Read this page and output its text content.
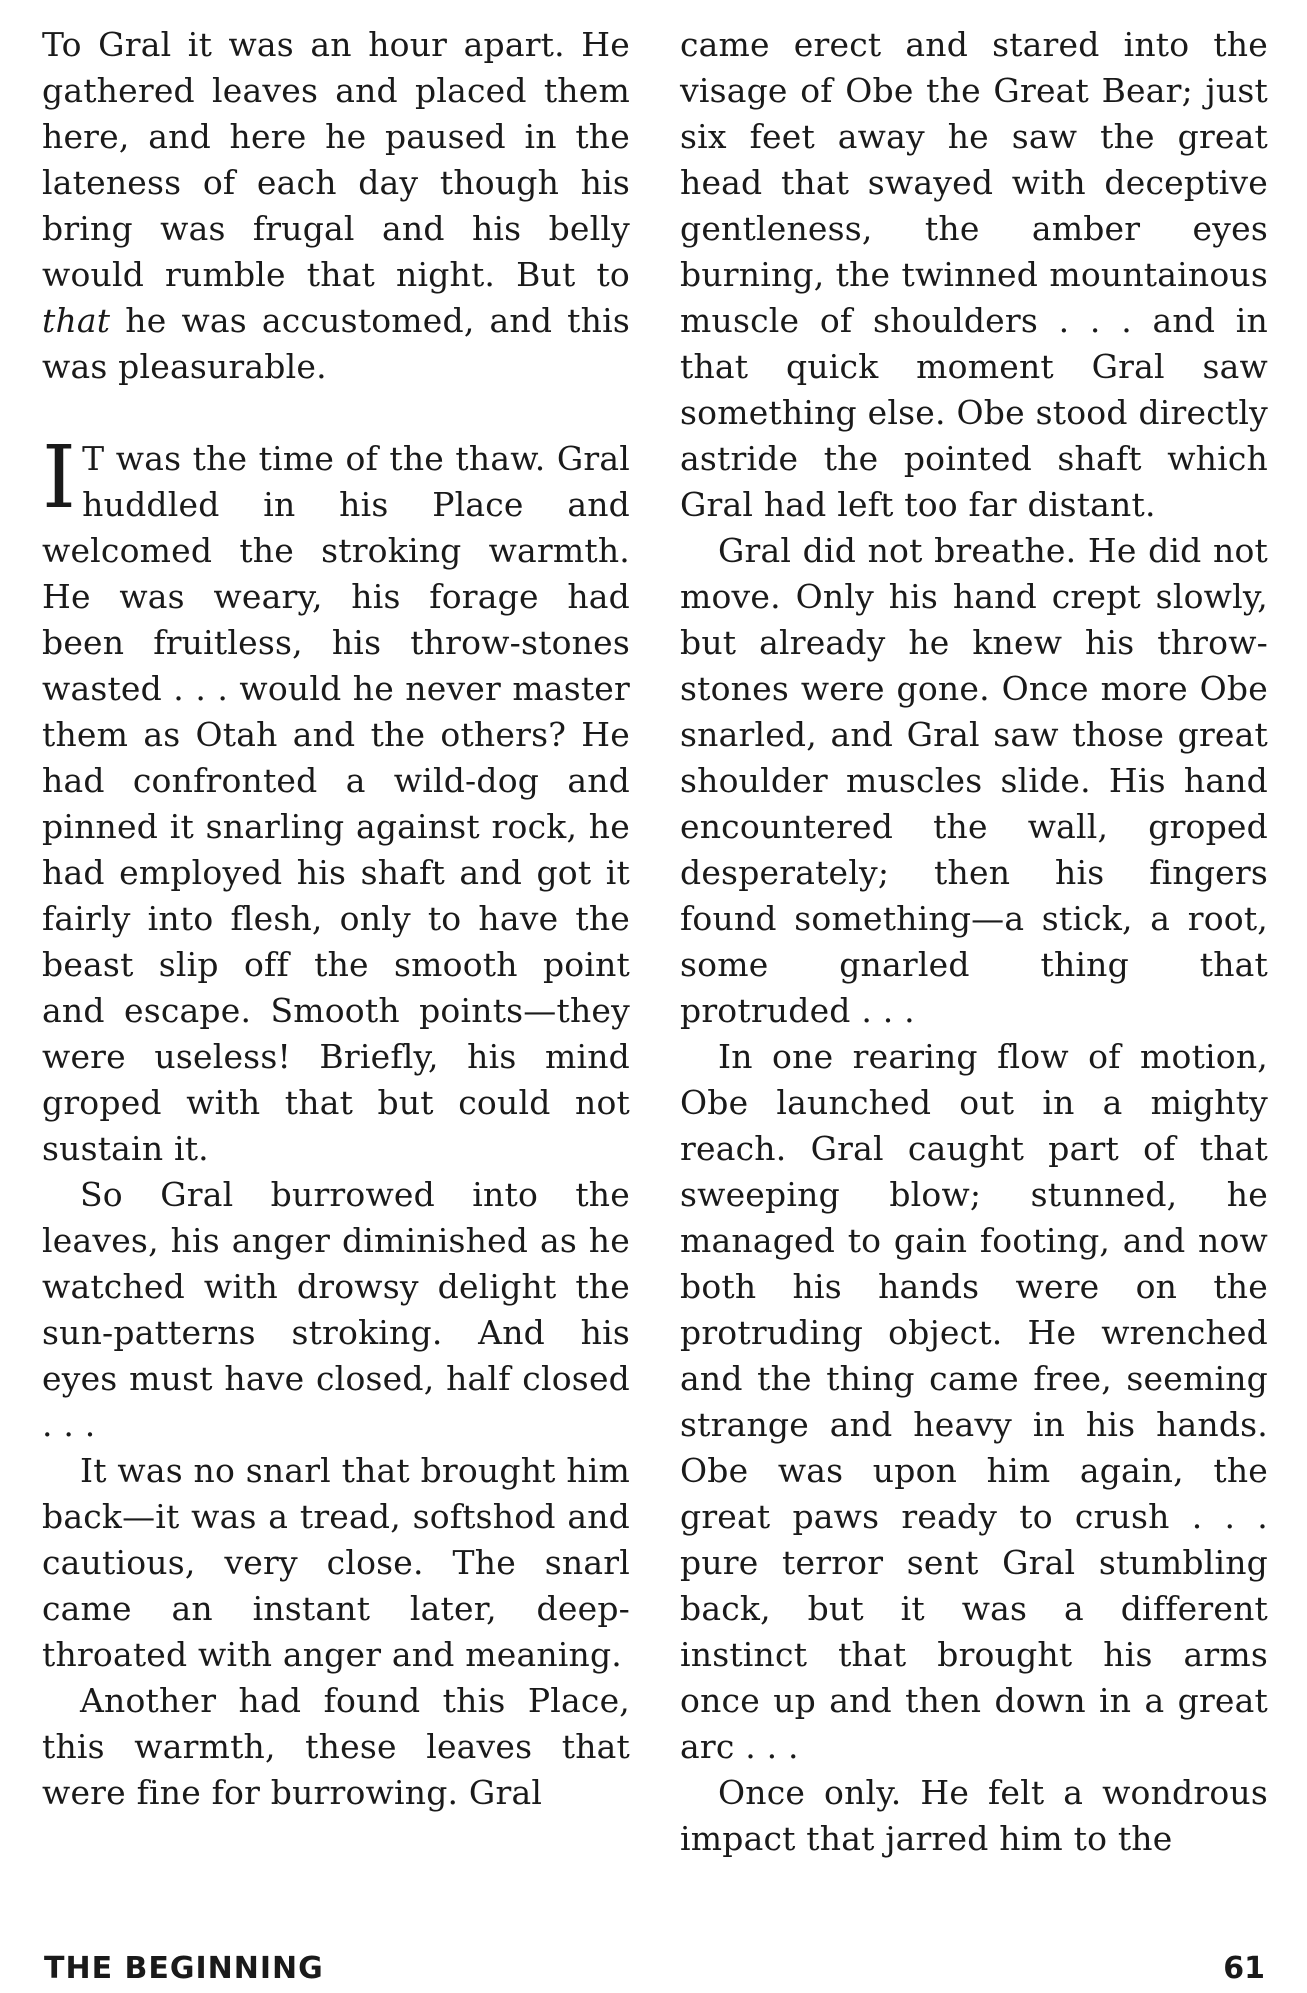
To Gral it was an hour apart. He gathered leaves and placed them here, and here he paused in the lateness of each day though his bring was frugal and his belly would rumble that night. But to that he was accustomed, and this was pleasurable.

I T was the time of the thaw. Gral huddled in his Place and welcomed the stroking warmth. He was weary, his forage had been fruitless, his throw-stones wasted . . . would he never master them as Otah and the others? He had confronted a wild-dog and pinned it snarling against rock, he had employed his shaft and got it fairly into flesh, only to have the beast slip off the smooth point and escape. Smooth points—they were useless! Briefly, his mind groped with that but could not sustain it.

So Gral burrowed into the leaves, his anger diminished as he watched with drowsy delight the sun-patterns stroking. And his eyes must have closed, half closed . . .

It was no snarl that brought him back—it was a tread, softshod and cautious, very close. The snarl came an instant later, deep-throated with anger and meaning.

Another had found this Place, this warmth, these leaves that were fine for burrowing. Gral

came erect and stared into the visage of Obe the Great Bear; just six feet away he saw the great head that swayed with deceptive gentleness, the amber eyes burning, the twinned mountainous muscle of shoulders . . . and in that quick moment Gral saw something else. Obe stood directly astride the pointed shaft which Gral had left too far distant.

Gral did not breathe. He did not move. Only his hand crept slowly, but already he knew his throw-stones were gone. Once more Obe snarled, and Gral saw those great shoulder muscles slide. His hand encountered the wall, groped desperately; then his fingers found something—a stick, a root, some gnarled thing that protruded . . .

In one rearing flow of motion, Obe launched out in a mighty reach. Gral caught part of that sweeping blow; stunned, he managed to gain footing, and now both his hands were on the protruding object. He wrenched and the thing came free, seeming strange and heavy in his hands. Obe was upon him again, the great paws ready to crush . . . pure terror sent Gral stumbling back, but it was a different instinct that brought his arms once up and then down in a great arc . . .

Once only. He felt a wondrous impact that jarred him to the

THE BEGINNING	61
